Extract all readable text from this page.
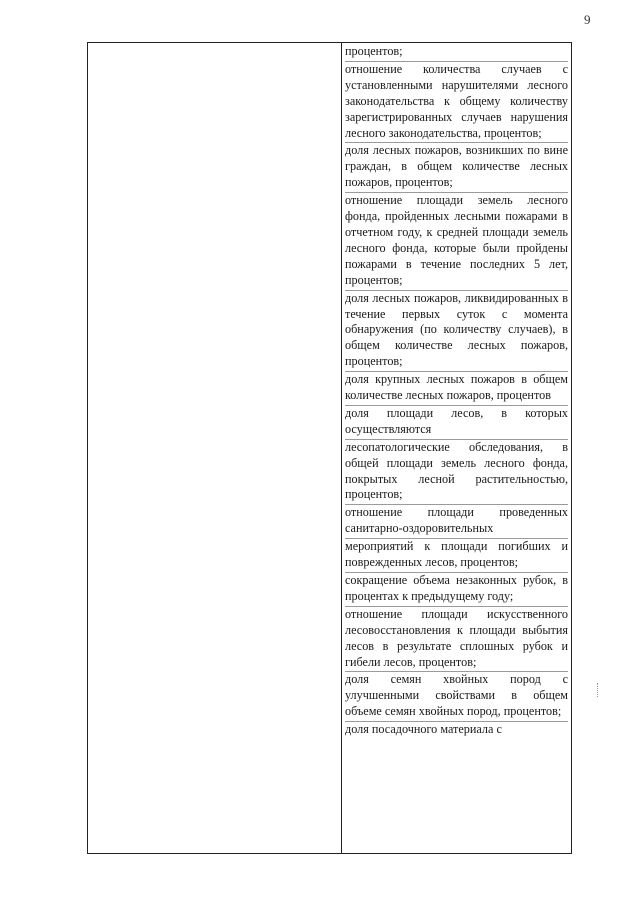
9

процентов;

отношение количества случаев с установленными нарушителями лесного законодательства к общему количеству зарегистрированных случаев нарушения лесного законодательства, процентов;

доля лесных пожаров, возникших по вине граждан, в общем количестве лесных пожаров, процентов;

отношение площади земель лесного фонда, пройденных лесными пожарами в отчетном году, к средней площади земель лесного фонда, которые были пройдены пожарами в течение последних 5 лет, процентов;

доля лесных пожаров, ликвидированных в течение первых суток с момента обнаружения (по количеству случаев), в общем количестве лесных пожаров, процентов;

доля крупных лесных пожаров в общем количестве лесных пожаров, процентов

доля площади лесов, в которых осуществляются

лесопатологические обследования, в общей площади земель лесного фонда, покрытых лесной растительностью, процентов;

отношение площади проведенных санитарно-оздоровительных

мероприятий к площади погибших и поврежденных лесов, процентов;

сокращение объема незаконных рубок, в процентах к предыдущему году;

отношение площади искусственного лесовосстановления к площади выбытия лесов в результате сплошных рубок и гибели лесов, процентов;

доля семян хвойных пород с улучшенными свойствами в общем объеме семян хвойных пород, процентов;

доля посадочного материала с
